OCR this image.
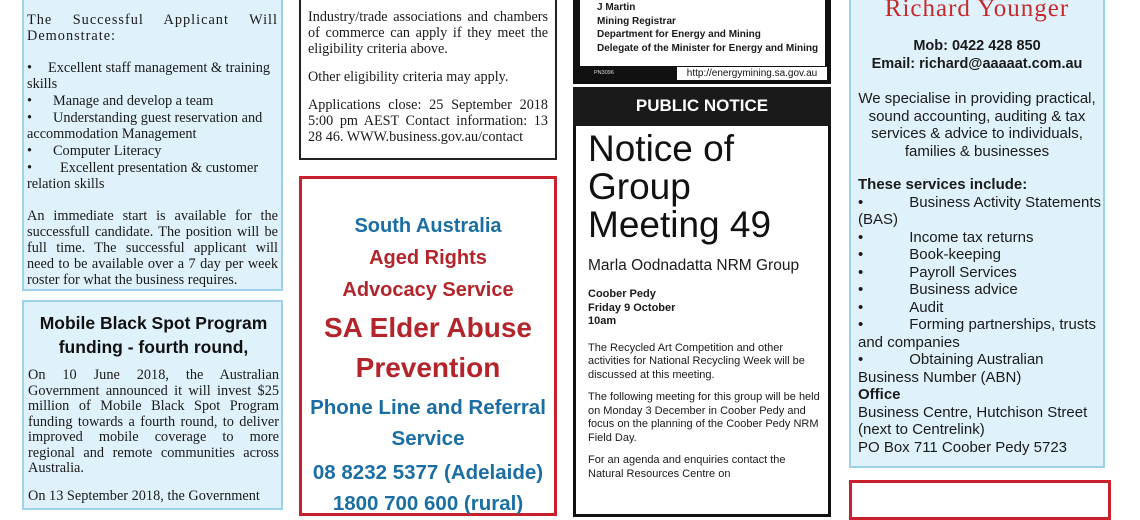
The Successful Applicant Will Demonstrate:

• Excellent staff management & training skills
• Manage and develop a team
• Understanding guest reservation and accommodation Management
• Computer Literacy
• Excellent presentation & customer relation skills

An immediate start is available for the successfull candidate. The position will be full time. The successful applicant will need to be available over a 7 day per week roster for what the business requires.

Mobile Black Spot Program funding - fourth round,

On 10 June 2018, the Australian Government announced it will invest $25 million of Mobile Black Spot Program funding towards a fourth round, to deliver improved mobile coverage to more regional and remote communities across Australia.

On 13 September 2018, the Government

Industry/trade associations and chambers of commerce can apply if they meet the eligibility criteria above.

Other eligibility criteria may apply.

Applications close: 25 September 2018 5:00 pm AEST Contact information: 13 28 46. WWW.business.gov.au/contact

South Australia
Aged Rights
Advocacy Service
SA Elder Abuse
Prevention
Phone Line and Referral
Service
08 8232 5377 (Adelaide)
1800 700 600 (rural)
J Martin
Mining Registrar
Department for Energy and Mining
Delegate of the Minister for Energy and Mining
PN3096	http://energymining.sa.gov.au
PUBLIC NOTICE
Notice of
Group
Meeting 49
Marla Oodnadatta NRM Group
Coober Pedy
Friday 9 October
10am

The Recycled Art Competition and other activities for National Recycling Week will be discussed at this meeting.

The following meeting for this group will be held on Monday 3 December in Coober Pedy and focus on the planning of the Coober Pedy NRM Field Day.

For an agenda and enquiries contact the Natural Resources Centre on

Richard Younger
Mob: 0422 428 850
Email: richard@aaaaat.com.au
We specialise in providing practical, sound accounting, auditing & tax services & advice to individuals, families & businesses
These services include:
•	Business Activity Statements (BAS)
•	Income tax returns
•	Book-keeping
•	Payroll Services
•	Business advice
•	Audit
•	Forming partnerships, trusts and companies
•	Obtaining Australian Business Number (ABN)
Office
Business Centre, Hutchison Street
(next to Centrelink)
PO Box 711 Coober Pedy 5723
